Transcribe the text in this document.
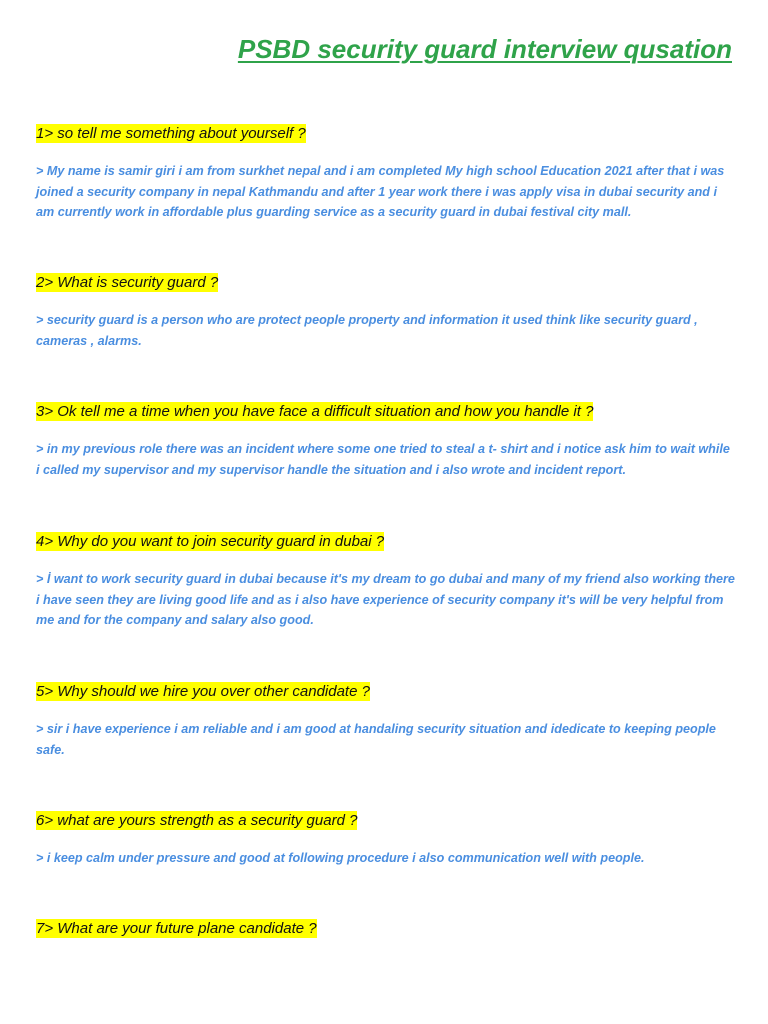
PSBD security guard interview qusation
1> so tell me something about yourself ?

> My name is samir giri i am from surkhet nepal and i am completed My high school Education 2021 after that i was joined a security company in nepal Kathmandu and after 1 year work there i was apply visa in dubai security and i am currently work in affordable plus guarding service as a security guard in dubai festival city mall.

2> What is security guard ?

> security guard is a person who are protect people property and information it used think like security guard , cameras , alarms.

3> Ok tell me a time when you have face a difficult situation and how you handle it ?

> in my previous role there was an incident where some one tried to steal a t- shirt and i notice ask him to wait while i called my supervisor and my supervisor handle the situation and i also wrote and incident report.

4> Why do you want to join security guard in dubai ?

> İ want to work security guard in dubai because it's my dream to go dubai and many of my friend also working there i have seen they are living good life and as i also have experience of security company it's will be very helpful from me and for the company and salary also good.

5> Why should we hire you over other candidate ?

> sir i have experience i am reliable and i am good at handaling security situation and idedicate to keeping people safe.

6> what are yours strength as a security guard ?

> i keep calm under pressure and good at following procedure i also communication well with people.

7> What are your future plane candidate ?
